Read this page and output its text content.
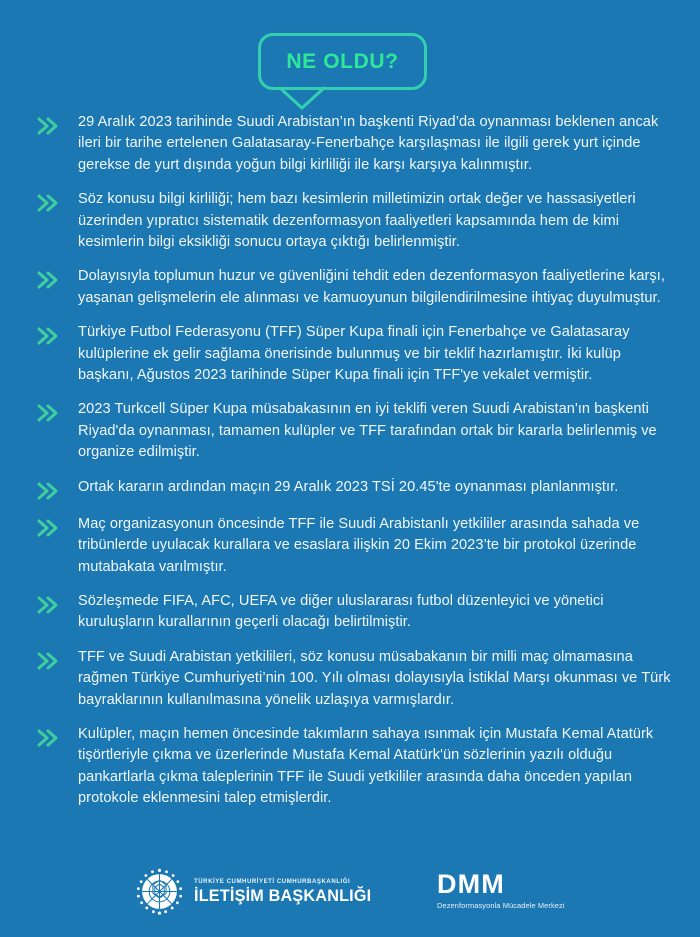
NE OLDU?
29 Aralık 2023 tarihinde Suudi Arabistan’ın başkenti Riyad’da oynanması beklenen ancak ileri bir tarihe ertelenen Galatasaray-Fenerbahçe karşılaşması ile ilgili gerek yurt içinde gerekse de yurt dışında yoğun bilgi kirliliği ile karşı karşıya kalınmıştır.
Söz konusu bilgi kirliliği; hem bazı kesimlerin milletimizin ortak değer ve hassasiyetleri üzerinden yıpratıcı sistematik dezenformasyon faaliyetleri kapsamında hem de kimi kesimlerin bilgi eksikliği sonucu ortaya çıktığı belirlenmiştir.
Dolayısıyla toplumun huzur ve güvenliğini tehdit eden dezenformasyon faaliyetlerine karşı, yaşanan gelişmelerin ele alınması ve kamuoyunun bilgilendirilmesine ihtiyaç duyulmuştur.
Türkiye Futbol Federasyonu (TFF) Süper Kupa finali için Fenerbahçe ve Galatasaray kulüplerine ek gelir sağlama önerisinde bulunmuş ve bir teklif hazırlamıştır. İki kulüp başkanı, Ağustos 2023 tarihinde Süper Kupa finali için TFF'ye vekalet vermiştir.
2023 Turkcell Süper Kupa müsabakasının en iyi teklifi veren Suudi Arabistan'ın başkenti Riyad'da oynanması, tamamen kulüpler ve TFF tarafından ortak bir kararla belirlenmiş ve organize edilmiştir.
Ortak kararın ardından maçın 29 Aralık 2023 TSİ 20.45'te oynanması planlanmıştır.
Maç organizasyonun öncesinde TFF ile Suudi Arabistanlı yetkililer arasında sahada ve tribünlerde uyulacak kurallara ve esaslara ilişkin 20 Ekim 2023’te bir protokol üzerinde mutabakata varılmıştır.
Sözleşmede FIFA, AFC, UEFA ve diğer uluslararası futbol düzenleyici ve yönetici kuruluşların kurallarının geçerli olacağı belirtilmiştir.
TFF ve Suudi Arabistan yetkilileri, söz konusu müsabakanın bir milli maç olmamasına rağmen Türkiye Cumhuriyeti’nin 100. Yılı olması dolayısıyla İstiklal Marşı okunması ve Türk bayraklarının kullanılmasına yönelik uzlaşıya varmışlardır.
Kulüpler, maçın hemen öncesinde takımların sahaya ısınmak için Mustafa Kemal Atatürk tişörtleriyle çıkma ve üzerlerinde Mustafa Kemal Atatürk'ün sözlerinin yazılı olduğu pankartlarla çıkma taleplerinin TFF ile Suudi yetkililer arasında daha önceden yapılan protokole eklenmesini talep etmişlerdir.
TÜRKİYE CUMHURİYETİ CUMHURBAŞKANLIĞI
İLETİŞİM BAŞKANLIĞI DMM
Dezenformasyonla Mücadele Merkezi
